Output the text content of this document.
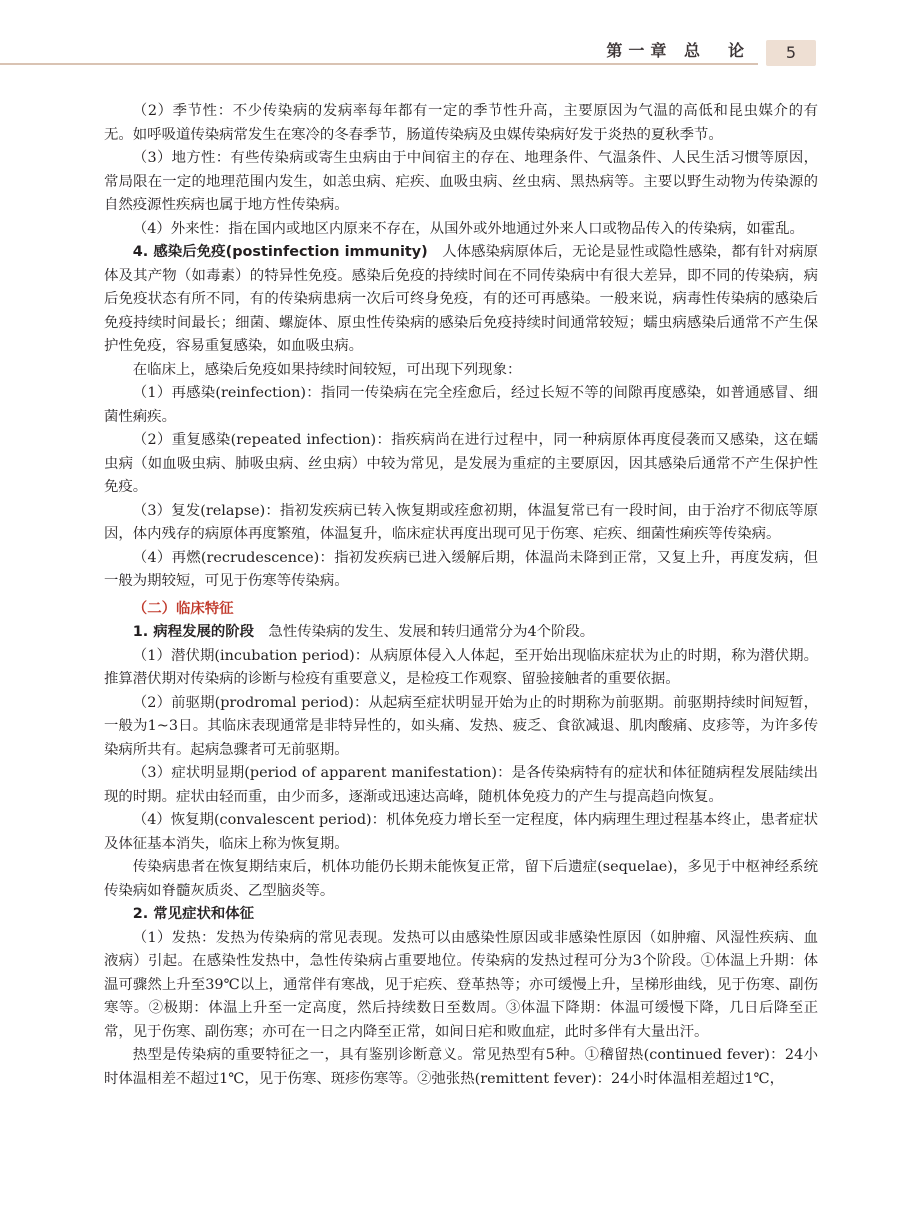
第一章 总　论	5

（2）季节性：不少传染病的发病率每年都有一定的季节性升高，主要原因为气温的高低和昆虫媒介的有无。如呼吸道传染病常发生在寒冷的冬春季节，肠道传染病及虫媒传染病好发于炎热的夏秋季节。

（3）地方性：有些传染病或寄生虫病由于中间宿主的存在、地理条件、气温条件、人民生活习惯等原因，常局限在一定的地理范围内发生，如恙虫病、疟疾、血吸虫病、丝虫病、黑热病等。主要以野生动物为传染源的自然疫源性疾病也属于地方性传染病。

（4）外来性：指在国内或地区内原来不存在，从国外或外地通过外来人口或物品传入的传染病，如霍乱。

4. 感染后免疫(postinfection immunity) 人体感染病原体后，无论是显性或隐性感染，都有针对病原体及其产物（如毒素）的特异性免疫。感染后免疫的持续时间在不同传染病中有很大差异，即不同的传染病，病后免疫状态有所不同，有的传染病患病一次后可终身免疫，有的还可再感染。一般来说，病毒性传染病的感染后免疫持续时间最长；细菌、螺旋体、原虫性传染病的感染后免疫持续时间通常较短；蠕虫病感染后通常不产生保护性免疫，容易重复感染，如血吸虫病。

在临床上，感染后免疫如果持续时间较短，可出现下列现象：

（1）再感染(reinfection)：指同一传染病在完全痊愈后，经过长短不等的间隙再度感染，如普通感冒、细菌性痢疾。

（2）重复感染(repeated infection)：指疾病尚在进行过程中，同一种病原体再度侵袭而又感染，这在蠕虫病（如血吸虫病、肺吸虫病、丝虫病）中较为常见，是发展为重症的主要原因，因其感染后通常不产生保护性免疫。

（3）复发(relapse)：指初发疾病已转入恢复期或痊愈初期，体温复常已有一段时间，由于治疗不彻底等原因，体内残存的病原体再度繁殖，体温复升，临床症状再度出现可见于伤寒、疟疾、细菌性痢疾等传染病。

（4）再燃(recrudescence)：指初发疾病已进入缓解后期，体温尚未降到正常，又复上升，再度发病，但一般为期较短，可见于伤寒等传染病。

（二）临床特征

1. 病程发展的阶段 急性传染病的发生、发展和转归通常分为4个阶段。

（1）潜伏期(incubation period)：从病原体侵入人体起，至开始出现临床症状为止的时期，称为潜伏期。推算潜伏期对传染病的诊断与检疫有重要意义，是检疫工作观察、留验接触者的重要依据。

（2）前驱期(prodromal period)：从起病至症状明显开始为止的时期称为前驱期。前驱期持续时间短暂，一般为1~3日。其临床表现通常是非特异性的，如头痛、发热、疲乏、食欲减退、肌肉酸痛、皮疹等，为许多传染病所共有。起病急骤者可无前驱期。

（3）症状明显期(period of apparent manifestation)：是各传染病特有的症状和体征随病程发展陆续出现的时期。症状由轻而重，由少而多，逐渐或迅速达高峰，随机体免疫力的产生与提高趋向恢复。

（4）恢复期(convalescent period)：机体免疫力增长至一定程度，体内病理生理过程基本终止，患者症状及体征基本消失，临床上称为恢复期。

传染病患者在恢复期结束后，机体功能仍长期未能恢复正常，留下后遗症(sequelae)，多见于中枢神经系统传染病如脊髓灰质炎、乙型脑炎等。

2. 常见症状和体征

（1）发热：发热为传染病的常见表现。发热可以由感染性原因或非感染性原因（如肿瘤、风湿性疾病、血液病）引起。在感染性发热中，急性传染病占重要地位。传染病的发热过程可分为3个阶段。①体温上升期：体温可骤然上升至39℃以上，通常伴有寒战，见于疟疾、登革热等；亦可缓慢上升，呈梯形曲线，见于伤寒、副伤寒等。②极期：体温上升至一定高度，然后持续数日至数周。③体温下降期：体温可缓慢下降，几日后降至正常，见于伤寒、副伤寒；亦可在一日之内降至正常，如间日疟和败血症，此时多伴有大量出汗。

热型是传染病的重要特征之一，具有鉴别诊断意义。常见热型有5种。①稽留热(continued fever)：24小时体温相差不超过1℃，见于伤寒、斑疹伤寒等。②弛张热(remittent fever)：24小时体温相差超过1℃，
